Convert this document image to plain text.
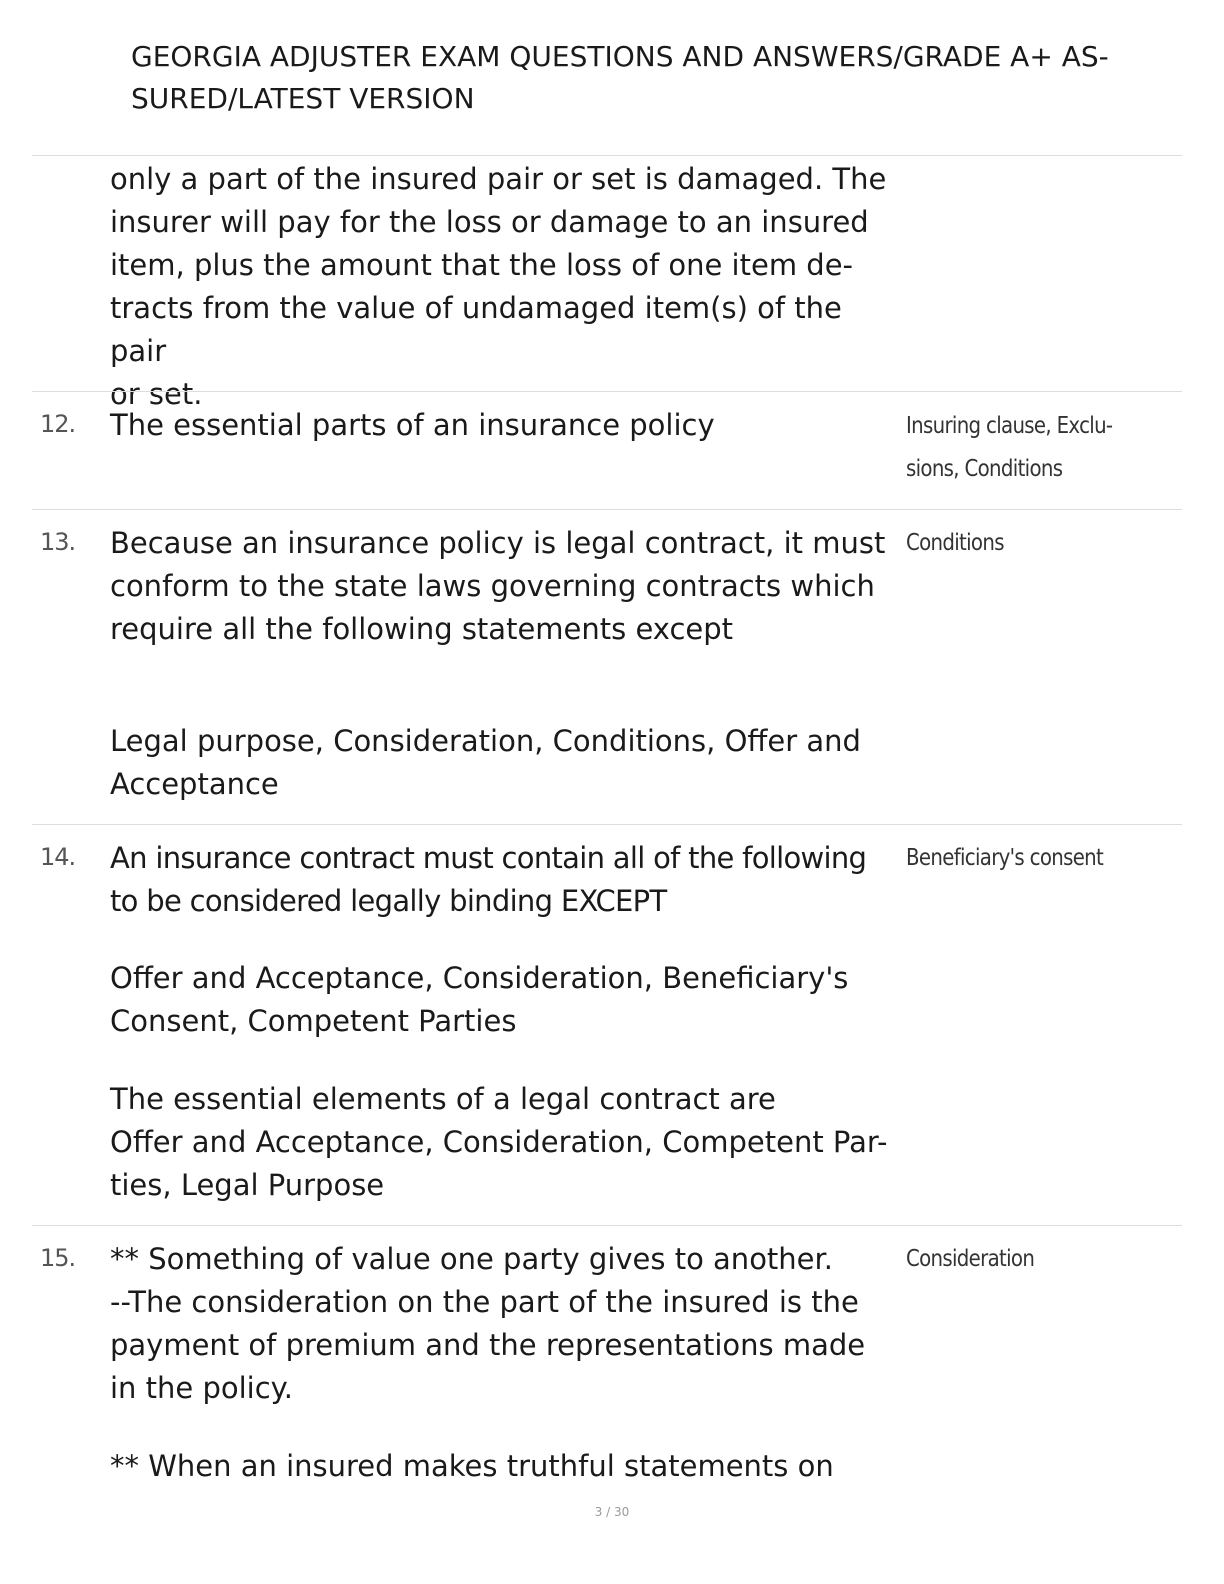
GEORGIA ADJUSTER EXAM QUESTIONS AND ANSWERS/GRADE A+ AS-
SURED/LATEST VERSION
only a part of the insured pair or set is damaged. The
insurer will pay for the loss or damage to an insured
item, plus the amount that the loss of one item de-
tracts from the value of undamaged item(s) of the pair
or set.
12. The essential parts of an insurance policy	Insuring clause, Exclu-
sions, Conditions
13. Because an insurance policy is legal contract, it must
conform to the state laws governing contracts which
require all the following statements except
Legal purpose, Consideration, Conditions, Offer and
Acceptance
Conditions
14. An insurance contract must contain all of the following
to be considered legally binding EXCEPT
Offer and Acceptance, Consideration, Beneficiary's
Consent, Competent Parties
The essential elements of a legal contract are
Offer and Acceptance, Consideration, Competent Par-
ties, Legal Purpose
Beneficiary's consent
15. ** Something of value one party gives to another.
--The consideration on the part of the insured is the
payment of premium and the representations made
in the policy.
** When an insured makes truthful statements on
Consideration
3 / 30
